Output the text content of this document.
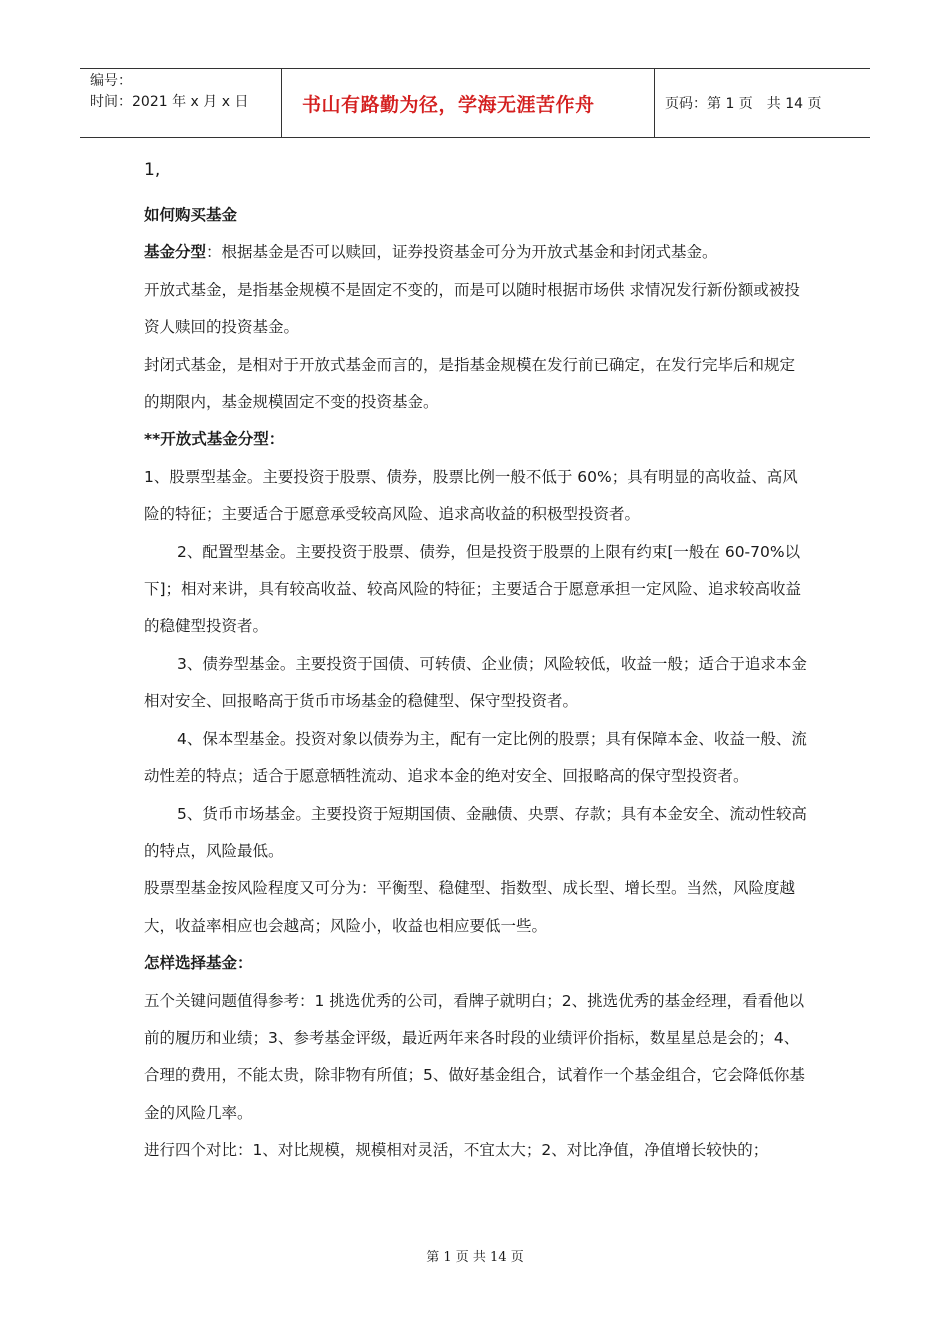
编号：
时间：2021 年 x 月 x 日	书山有路勤为径，学海无涯苦作舟	页码：第 1 页　共 14 页

1,

如何购买基金

基金分型：根据基金是否可以赎回，证券投资基金可分为开放式基金和封闭式基金。

开放式基金，是指基金规模不是固定不变的，而是可以随时根据市场供 求情况发行新份额或被投资人赎回的投资基金。

封闭式基金，是相对于开放式基金而言的，是指基金规模在发行前已确定，在发行完毕后和规定的期限内，基金规模固定不变的投资基金。

**开放式基金分型：

1、股票型基金。主要投资于股票、债券，股票比例一般不低于 60%；具有明显的高收益、高风险的特征；主要适合于愿意承受较高风险、追求高收益的积极型投资者。

2、配置型基金。主要投资于股票、债券，但是投资于股票的上限有约束[一般在 60-70%以下]；相对来讲，具有较高收益、较高风险的特征；主要适合于愿意承担一定风险、追求较高收益的稳健型投资者。

3、债券型基金。主要投资于国债、可转债、企业债；风险较低，收益一般；适合于追求本金相对安全、回报略高于货币市场基金的稳健型、保守型投资者。

4、保本型基金。投资对象以债券为主，配有一定比例的股票；具有保障本金、收益一般、流动性差的特点；适合于愿意牺牲流动、追求本金的绝对安全、回报略高的保守型投资者。

5、货币市场基金。主要投资于短期国债、金融债、央票、存款；具有本金安全、流动性较高的特点，风险最低。

股票型基金按风险程度又可分为：平衡型、稳健型、指数型、成长型、增长型。当然，风险度越大，收益率相应也会越高；风险小，收益也相应要低一些。

怎样选择基金：

五个关键问题值得参考：1 挑选优秀的公司，看牌子就明白；2、挑选优秀的基金经理，看看他以前的履历和业绩；3、参考基金评级，最近两年来各时段的业绩评价指标，数星星总是会的；4、合理的费用，不能太贵，除非物有所值；5、做好基金组合，试着作一个基金组合，它会降低你基金的风险几率。

进行四个对比：1、对比规模，规模相对灵活，不宜太大；2、对比净值，净值增长较快的；

第 1 页 共 14 页
